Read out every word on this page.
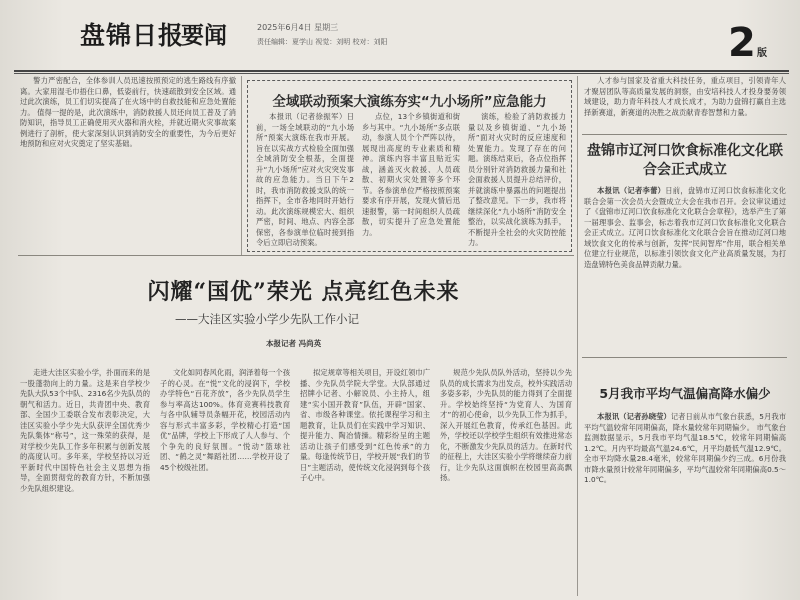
盘锦日报
要闻	2025年6月4日 星期三
责任编辑：夏学山 视觉：刘明 校对：刘阳	2 版

警力严密配合，全体参训人员迅速按照预定的逃生路线有序撤离。大家用湿毛巾捂住口鼻，低姿前行，快速疏散到安全区域。通过此次演练，员工们切实提高了在火场中的自救技能和应急处置能力。 值得一提的是，此次演练中，消防救援人员还向员工普及了消防知识，指导员工正确使用灭火器和消火栓，并就近期火灾事故案例进行了剖析，使大家深刻认识到消防安全的重要性，为今后更好地预防和应对火灾奠定了坚实基础。

全域联动预案大演练夯实“九小场所”应急能力

本报讯（记者徐振军）日前，一场全域联动的“九小场所”预案大演练在我市开展。旨在以实战方式检验全面加强全域消防安全根基，全面提升“九小场所”应对火灾突发事故的应急能力。当日下午2时，我市消防救援支队的统一指挥下，全市各地同时开始行动。此次演练规模宏大、组织严密，时间、地点、内容全部保密，各参演单位临时接到指令后立即启动预案。

点位，13个乡镇街道和街乡与其中。“九小场所”多点联动，参演人员个个严阵以待，展现出高度的专业素质和精神。演练内容丰富且贴近实战，涵盖灭火救援、人员疏散、初期火灾处置等多个环节。各参演单位严格按照预案要求有序开展，发现火情后迅速报警，第一时间组织人员疏散，切实提升了应急处置能力。

演练，检验了消防救援力量以及乡镇街道、“九小场所”面对火灾时的反应速度和处置能力。发现了存在的问题。演练结束后，各点位指挥员分别针对消防救援力量和社会面救援人员提升总结评价，并就演练中暴露出的问题提出了整改意见。下一步，我市将继续深化“九小场所”消防安全整治，以实战化演练为抓手，不断提升全社会的火灾防控能力。

闪耀“国优”荣光 点亮红色未来
——大洼区实验小学少先队工作小记
本报记者 冯尚英

走进大洼区实验小学，扑面而来的是一股蓬勃向上的力量。这是来自学校少先队大队53个中队、2316名少先队员的朝气和活力。近日，共青团中央、教育部、全国少工委联合发布表彰决定，大洼区实验小学少先大队获评全国优秀少先队集体“称号”，这一殊荣的获得，是对学校少先队工作多年积累与创新发展的高度认可。多年来，学校坚持以习近平新时代中国特色社会主义思想为指导，全面贯彻党的教育方针，不断加强少先队组织建设。

文化如同春风化雨，润泽着每一个孩子的心灵。在“悦”文化的浸润下，学校办学特色“百花齐放”，各少先队员学生参与率高达100%。体育竞赛科技教育与各中队辅导员条幅开花，校园活动内容与形式丰富多彩，学校精心打造“国优”品牌，学校上下形成了人人参与、个个争先的良好氛围。“悦动”篮球社团、“鹤之灵”舞蹈社团……学校开设了45个校级社团。

拟定规章等相关项目，开设红领巾广播、少先队员学院大学堂。大队部通过招牌小记者、小解说员、小主持人，组建“实小国开教育”队伍，开辟“国家、省、市级各种课堂。依托课程学习和主题教育，让队员们在实践中学习知识、提升能力、陶冶情操。精彩纷呈的主题活动让孩子们感受到“红色传承”的力量。每逢传统节日，学校开展“我们的节日”主题活动，使传统文化浸润到每个孩子心中。

规范少先队员队外活动，坚持以少先队员的成长需求为出发点，校外实践活动多姿多彩，少先队员的能力得到了全面提升。学校始终坚持“为党育人、为国育才”的初心使命，以少先队工作为抓手，深入开展红色教育，传承红色基因。此外，学校还以学校学生组织有效推进常态化，不断激发少先队员的活力。在新时代的征程上，大洼区实验小学将继续奋力前行，让少先队这面旗帜在校园里高高飘扬。

人才参与国家及省重大科技任务，重点项目，引领青年人才聚居团队等高质量发展的洞察，由安培科技人才投身要务领域建设，助力青年科技人才成长成才，为助力盘锦打赢自主选择新赛道，新赛道的决胜之战贡献青春智慧和力量。

盘锦市辽河口饮食标准化文化联合会正式成立

本报讯（记者李蕾）日前，盘锦市辽河口饮食标准化文化联合会第一次会员大会暨成立大会在我市召开。会议审议通过了《盘锦市辽河口饮食标准化文化联合会章程》，选举产生了第一届理事会、监事会，标志着我市辽河口饮食标准化文化联合会正式成立。辽河口饮食标准化文化联合会旨在推动辽河口地域饮食文化的传承与创新，发挥“民间智库”作用，联合相关单位建立行业规范，以标准引领饮食文化产业高质量发展，为打造盘锦特色美食品牌贡献力量。

5月我市平均气温偏高降水偏少

本报讯（记者孙晓莹）记者日前从市气象台获悉，5月我市平均气温较常年同期偏高，降水量较常年同期偏少。 市气象台监测数据显示，5月我市平均气温18.5℃，较常年同期偏高1.2℃。月内平均最高气温24.6℃，月平均最低气温12.9℃。全市平均降水量28.4毫米，较常年同期偏少约三成。6月份我市降水量预计较常年同期偏多，平均气温较常年同期偏高0.5～1.0℃。
